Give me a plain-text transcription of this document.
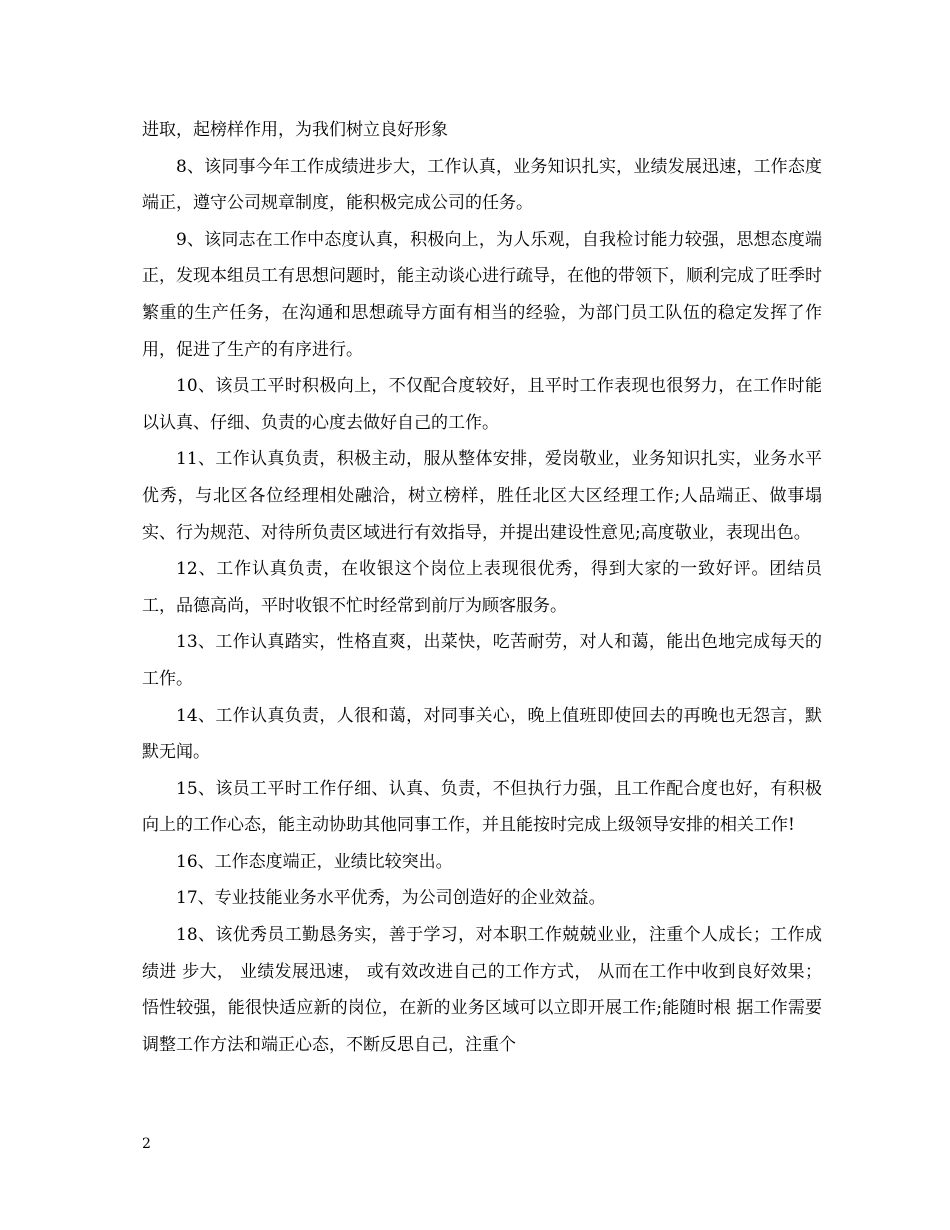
进取，起榜样作用，为我们树立良好形象

8、该同事今年工作成绩进步大，工作认真，业务知识扎实，业绩发展迅速，工作态度端正，遵守公司规章制度，能积极完成公司的任务。

9、该同志在工作中态度认真，积极向上，为人乐观，自我检讨能力较强，思想态度端正，发现本组员工有思想问题时，能主动谈心进行疏导，在他的带领下，顺利完成了旺季时繁重的生产任务，在沟通和思想疏导方面有相当的经验，为部门员工队伍的稳定发挥了作用，促进了生产的有序进行。

10、该员工平时积极向上，不仅配合度较好，且平时工作表现也很努力，在工作时能以认真、仔细、负责的心度去做好自己的工作。

11、工作认真负责，积极主动，服从整体安排，爱岗敬业，业务知识扎实，业务水平优秀，与北区各位经理相处融洽，树立榜样，胜任北区大区经理工作;人品端正、做事塌实、行为规范、对待所负责区域进行有效指导，并提出建设性意见;高度敬业，表现出色。

12、工作认真负责，在收银这个岗位上表现很优秀，得到大家的一致好评。团结员工，品德高尚，平时收银不忙时经常到前厅为顾客服务。

13、工作认真踏实，性格直爽，出菜快，吃苦耐劳，对人和蔼，能出色地完成每天的工作。

14、工作认真负责，人很和蔼，对同事关心，晚上值班即使回去的再晚也无怨言，默默无闻。

15、该员工平时工作仔细、认真、负责，不但执行力强，且工作配合度也好，有积极向上的工作心态，能主动协助其他同事工作，并且能按时完成上级领导安排的相关工作!

16、工作态度端正，业绩比较突出。

17、专业技能业务水平优秀，为公司创造好的企业效益。

18、该优秀员工勤恳务实，善于学习，对本职工作兢兢业业，注重个人成长；工作成绩进 步大， 业绩发展迅速， 或有效改进自己的工作方式， 从而在工作中收到良好效果；悟性较强，能很快适应新的岗位，在新的业务区域可以立即开展工作;能随时根 据工作需要调整工作方法和端正心态，不断反思自己，注重个

2
